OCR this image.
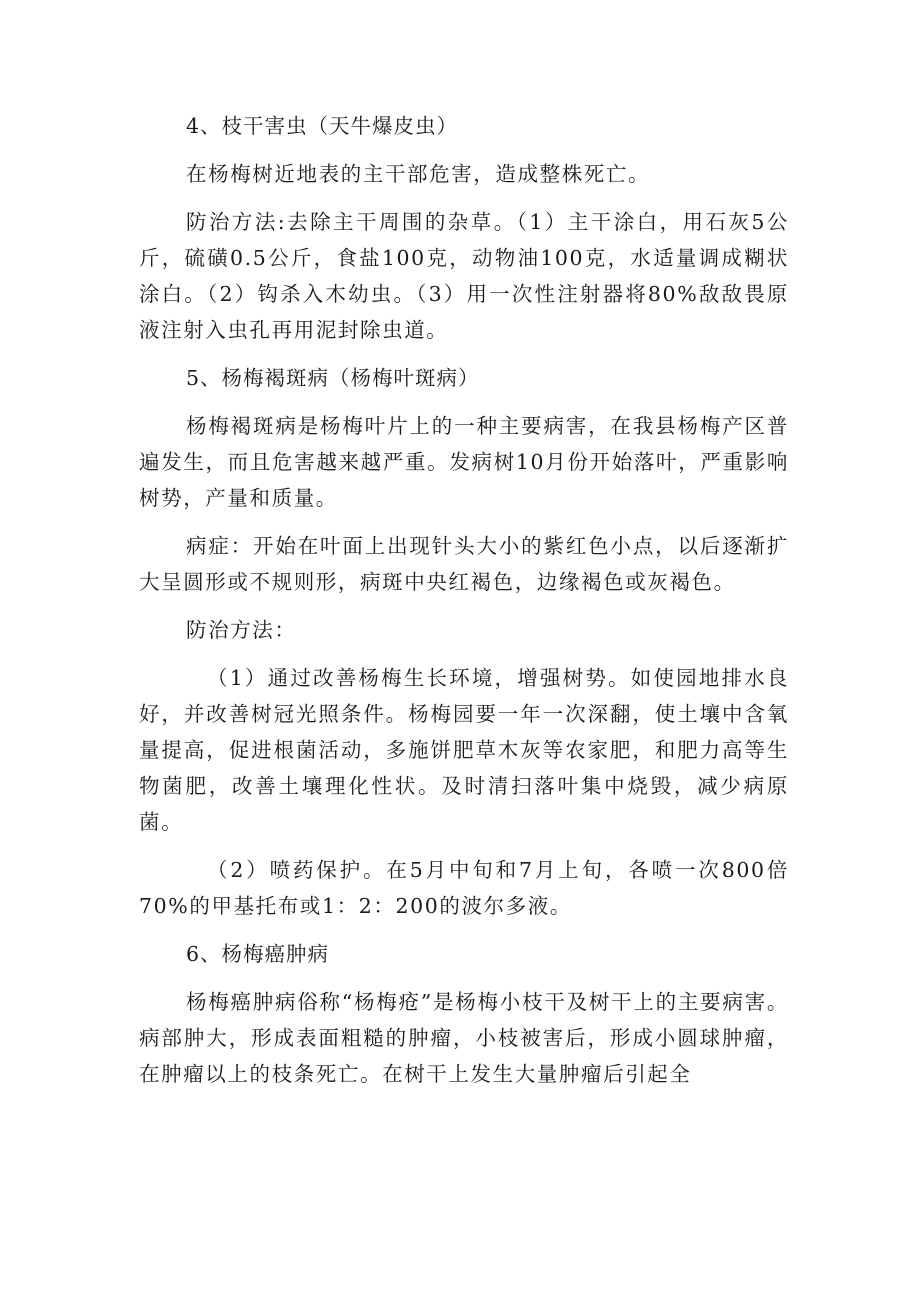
4、枝干害虫（天牛爆皮虫）

在杨梅树近地表的主干部危害，造成整株死亡。

防治方法:去除主干周围的杂草。（1）主干涂白，用石灰5公斤，硫磺0.5公斤，食盐100克，动物油100克，水适量调成糊状涂白。（2）钩杀入木幼虫。（3）用一次性注射器将80%敌敌畏原液注射入虫孔再用泥封除虫道。

5、杨梅褐斑病（杨梅叶斑病）

杨梅褐斑病是杨梅叶片上的一种主要病害，在我县杨梅产区普遍发生，而且危害越来越严重。发病树10月份开始落叶，严重影响树势，产量和质量。

病症：开始在叶面上出现针头大小的紫红色小点，以后逐渐扩大呈圆形或不规则形，病斑中央红褐色，边缘褐色或灰褐色。

防治方法：

（1）通过改善杨梅生长环境，增强树势。如使园地排水良好，并改善树冠光照条件。杨梅园要一年一次深翻，使土壤中含氧量提高，促进根菌活动，多施饼肥草木灰等农家肥，和肥力高等生物菌肥，改善土壤理化性状。及时清扫落叶集中烧毁，减少病原菌。

（2）喷药保护。在5月中旬和7月上旬，各喷一次800倍70%的甲基托布或1：2：200的波尔多液。

6、杨梅癌肿病

杨梅癌肿病俗称“杨梅疮”是杨梅小枝干及树干上的主要病害。病部肿大，形成表面粗糙的肿瘤，小枝被害后，形成小圆球肿瘤，在肿瘤以上的枝条死亡。在树干上发生大量肿瘤后引起全
